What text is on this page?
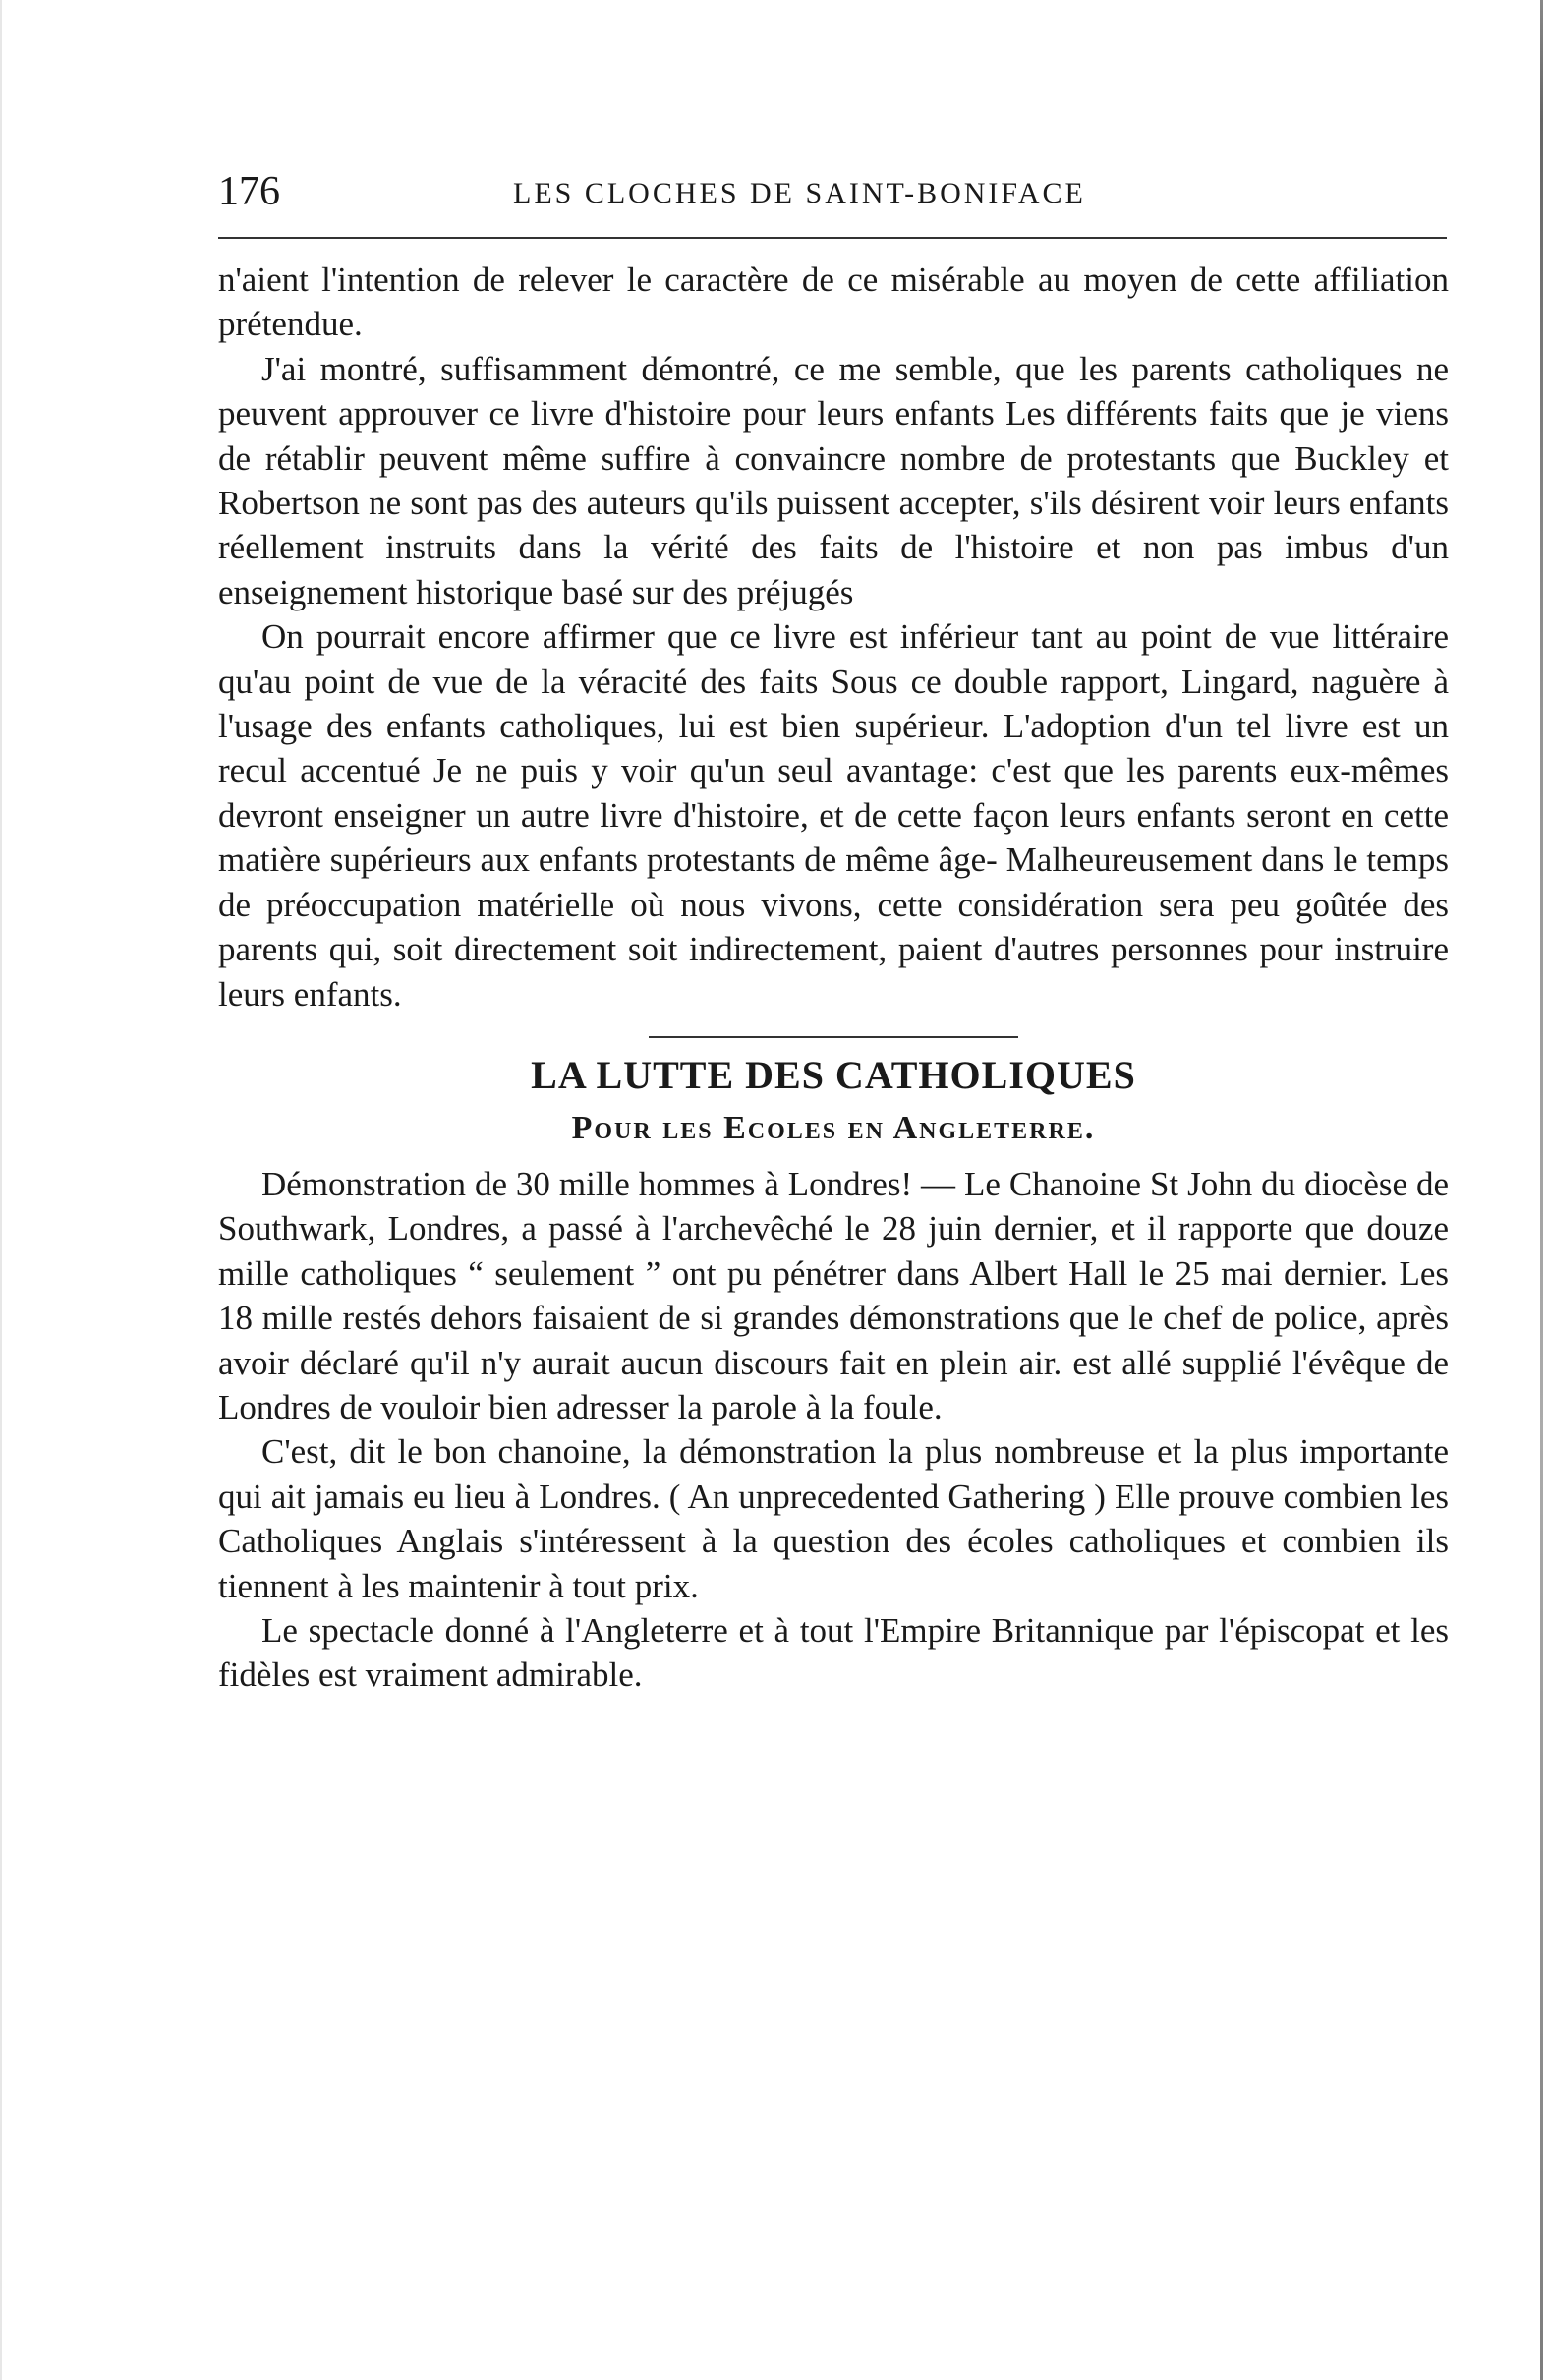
176	LES CLOCHES DE SAINT-BONIFACE

n'aient l'intention de relever le caractère de ce misérable au moyen de cette affiliation prétendue.

J'ai montré, suffisamment démontré, ce me semble, que les parents catholiques ne peuvent approuver ce livre d'histoire pour leurs enfants Les différents faits que je viens de rétablir peuvent même suffire à convaincre nombre de protestants que Buckley et Robertson ne sont pas des auteurs qu'ils puissent accepter, s'ils désirent voir leurs enfants réellement instruits dans la vérité des faits de l'histoire et non pas imbus d'un enseignement historique basé sur des préjugés

On pourrait encore affirmer que ce livre est inférieur tant au point de vue littéraire qu'au point de vue de la véracité des faits Sous ce double rapport, Lingard, naguère à l'usage des enfants catholiques, lui est bien supérieur. L'adoption d'un tel livre est un recul accentué Je ne puis y voir qu'un seul avantage: c'est que les parents eux-mêmes devront enseigner un autre livre d'histoire, et de cette façon leurs enfants seront en cette matière supérieurs aux enfants protestants de même âge- Malheureusement dans le temps de préoccupation matérielle où nous vivons, cette considération sera peu goûtée des parents qui, soit directement soit indirectement, paient d'autres personnes pour instruire leurs enfants.

LA LUTTE DES CATHOLIQUES
Pour les Ecoles en Angleterre.

Démonstration de 30 mille hommes à Londres! — Le Chanoine St John du diocèse de Southwark, Londres, a passé à l'archevêché le 28 juin dernier, et il rapporte que douze mille catholiques “ seulement ” ont pu pénétrer dans Albert Hall le 25 mai dernier. Les 18 mille restés dehors faisaient de si grandes démonstrations que le chef de police, après avoir déclaré qu'il n'y aurait aucun discours fait en plein air. est allé supplié l'évêque de Londres de vouloir bien adresser la parole à la foule.

C'est, dit le bon chanoine, la démonstration la plus nombreuse et la plus importante qui ait jamais eu lieu à Londres. ( An unprecedented Gathering ) Elle prouve combien les Catholiques Anglais s'intéressent à la question des écoles catholiques et combien ils tiennent à les maintenir à tout prix.

Le spectacle donné à l'Angleterre et à tout l'Empire Britannique par l'épiscopat et les fidèles est vraiment admirable.
